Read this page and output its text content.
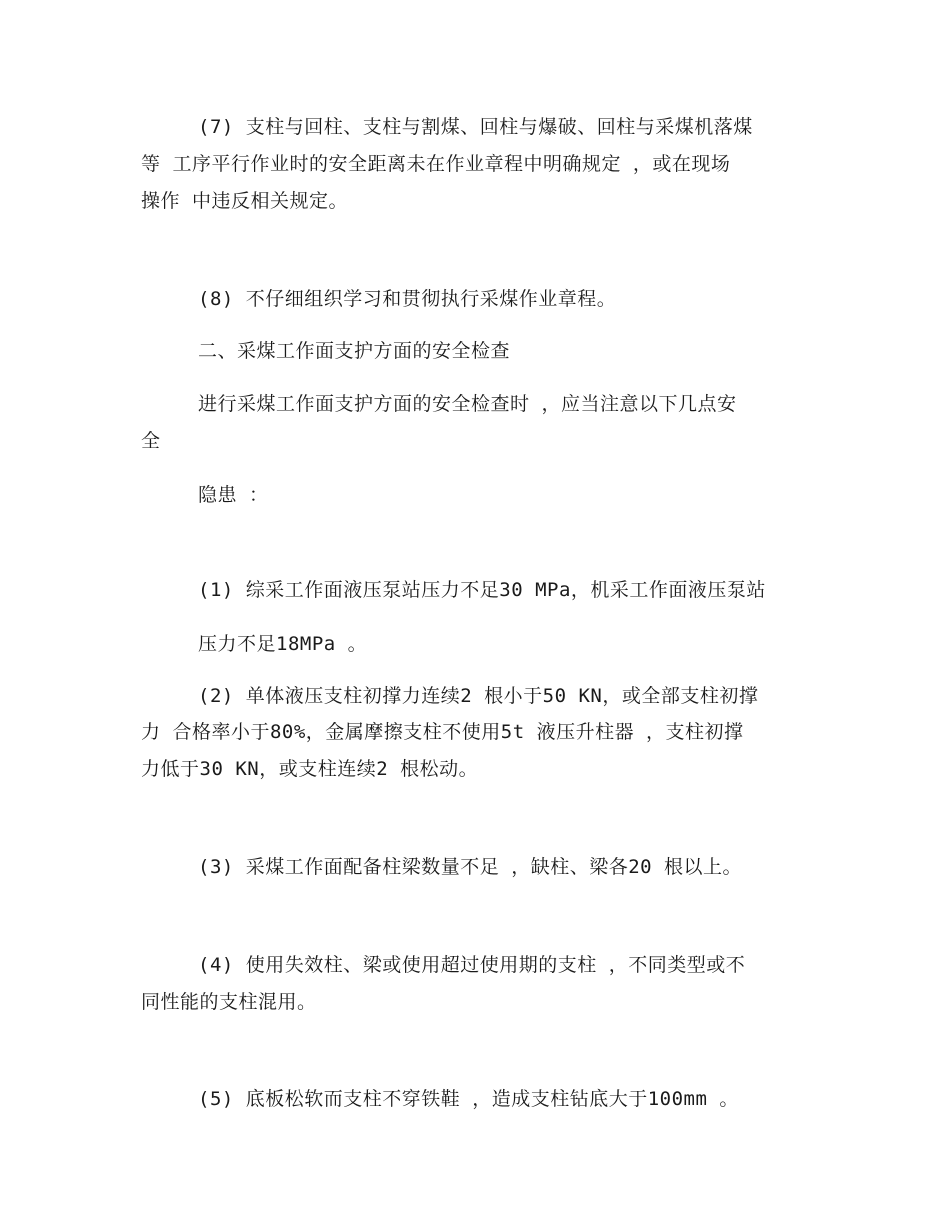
(7) 支柱与回柱、支柱与割煤、回柱与爆破、回柱与采煤机落煤
等 工序平行作业时的安全距离未在作业章程中明确规定 ，或在现场
操作 中违反相关规定。
(8) 不仔细组织学习和贯彻执行采煤作业章程。
二、采煤工作面支护方面的安全检查
进行采煤工作面支护方面的安全检查时 ，应当注意以下几点安
全
隐患 ：
(1) 综采工作面液压泵站压力不足30 MPa，机采工作面液压泵站
压力不足18MPa 。
(2) 单体液压支柱初撑力连续2 根小于50 KN，或全部支柱初撑
力 合格率小于80%，金属摩擦支柱不使用5t 液压升柱器 ，支柱初撑
力低于30 KN，或支柱连续2 根松动。
(3) 采煤工作面配备柱梁数量不足 ，缺柱、梁各20 根以上。
(4) 使用失效柱、梁或使用超过使用期的支柱 ，不同类型或不
同性能的支柱混用。
(5) 底板松软而支柱不穿铁鞋 ，造成支柱钻底大于100mm 。
